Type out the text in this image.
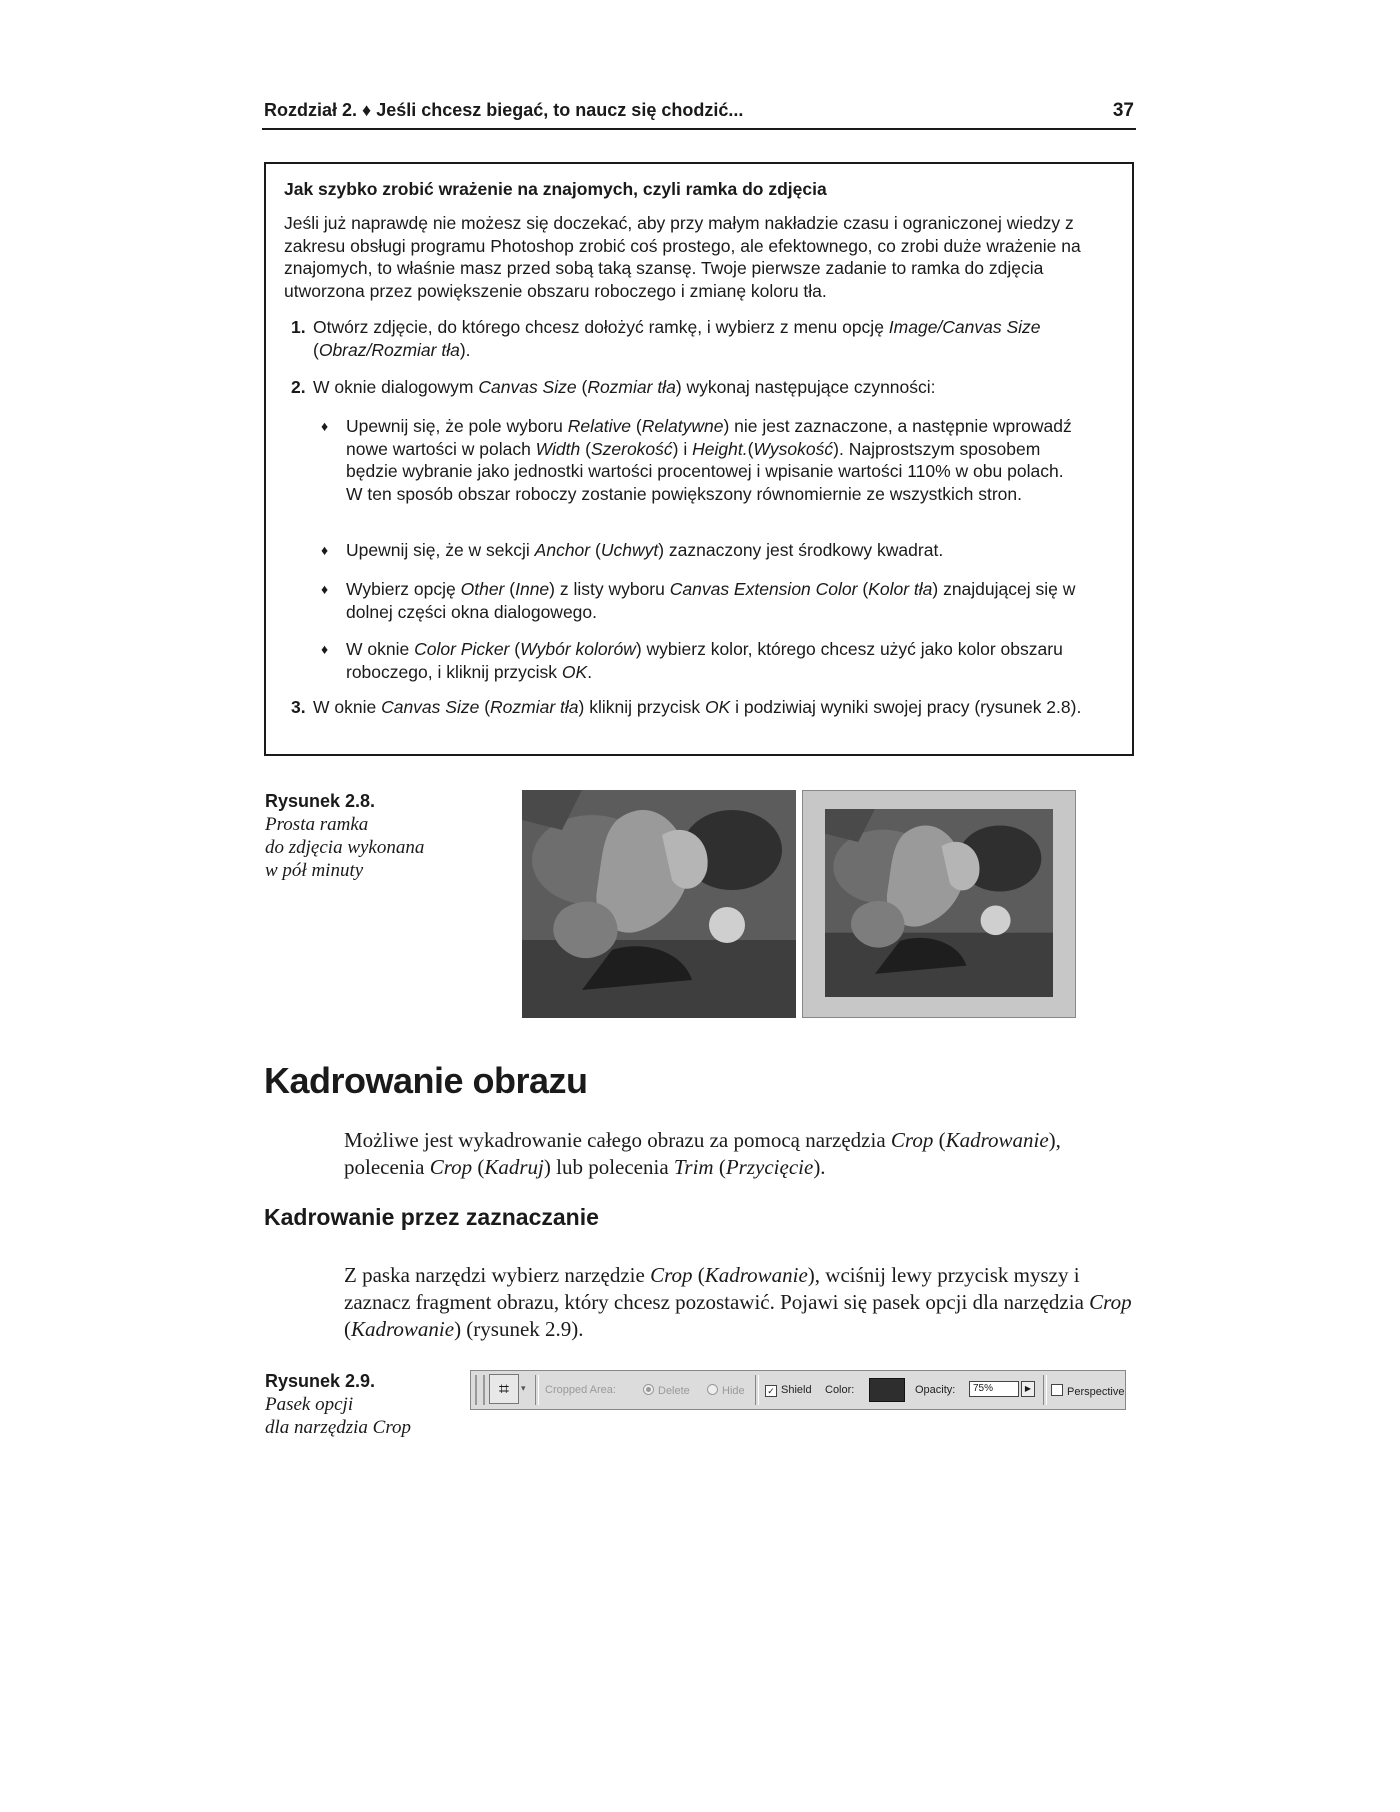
Rozdział 2. ♦ Jeśli chcesz biegać, to naucz się chodzić...	37
Jak szybko zrobić wrażenie na znajomych, czyli ramka do zdjęcia
Jeśli już naprawdę nie możesz się doczekać, aby przy małym nakładzie czasu i ograniczonej wiedzy z zakresu obsługi programu Photoshop zrobić coś prostego, ale efektownego, co zrobi duże wrażenie na znajomych, to właśnie masz przed sobą taką szansę. Twoje pierwsze zadanie to ramka do zdjęcia utworzona przez powiększenie obszaru roboczego i zmianę koloru tła.
1. Otwórz zdjęcie, do którego chcesz dołożyć ramkę, i wybierz z menu opcję Image/Canvas Size (Obraz/Rozmiar tła).
2. W oknie dialogowym Canvas Size (Rozmiar tła) wykonaj następujące czynności:
♦ Upewnij się, że pole wyboru Relative (Relatywne) nie jest zaznaczone, a następnie wprowadź nowe wartości w polach Width (Szerokość) i Height.(Wysokość). Najprostszym sposobem będzie wybranie jako jednostki wartości procentowej i wpisanie wartości 110% w obu polach. W ten sposób obszar roboczy zostanie powiększony równomiernie ze wszystkich stron.
♦ Upewnij się, że w sekcji Anchor (Uchwyt) zaznaczony jest środkowy kwadrat.
♦ Wybierz opcję Other (Inne) z listy wyboru Canvas Extension Color (Kolor tła) znajdującej się w dolnej części okna dialogowego.
♦ W oknie Color Picker (Wybór kolorów) wybierz kolor, którego chcesz użyć jako kolor obszaru roboczego, i kliknij przycisk OK.
3. W oknie Canvas Size (Rozmiar tła) kliknij przycisk OK i podziwiaj wyniki swojej pracy (rysunek 2.8).
Rysunek 2.8.
Prosta ramka
do zdjęcia wykonana
w pół minuty
Kadrowanie obrazu
Możliwe jest wykadrowanie całego obrazu za pomocą narzędzia Crop (Kadrowanie), polecenia Crop (Kadruj) lub polecenia Trim (Przycięcie).
Kadrowanie przez zaznaczanie
Z paska narzędzi wybierz narzędzie Crop (Kadrowanie), wciśnij lewy przycisk myszy i zaznacz fragment obrazu, który chcesz pozostawić. Pojawi się pasek opcji dla narzędzia Crop (Kadrowanie) (rysunek 2.9).
Rysunek 2.9.
Pasek opcji
dla narzędzia Crop
⌗	▾ Cropped Area:	Delete	Hide	✓ Shield Color:	Opacity:	75%	▶	Perspective
